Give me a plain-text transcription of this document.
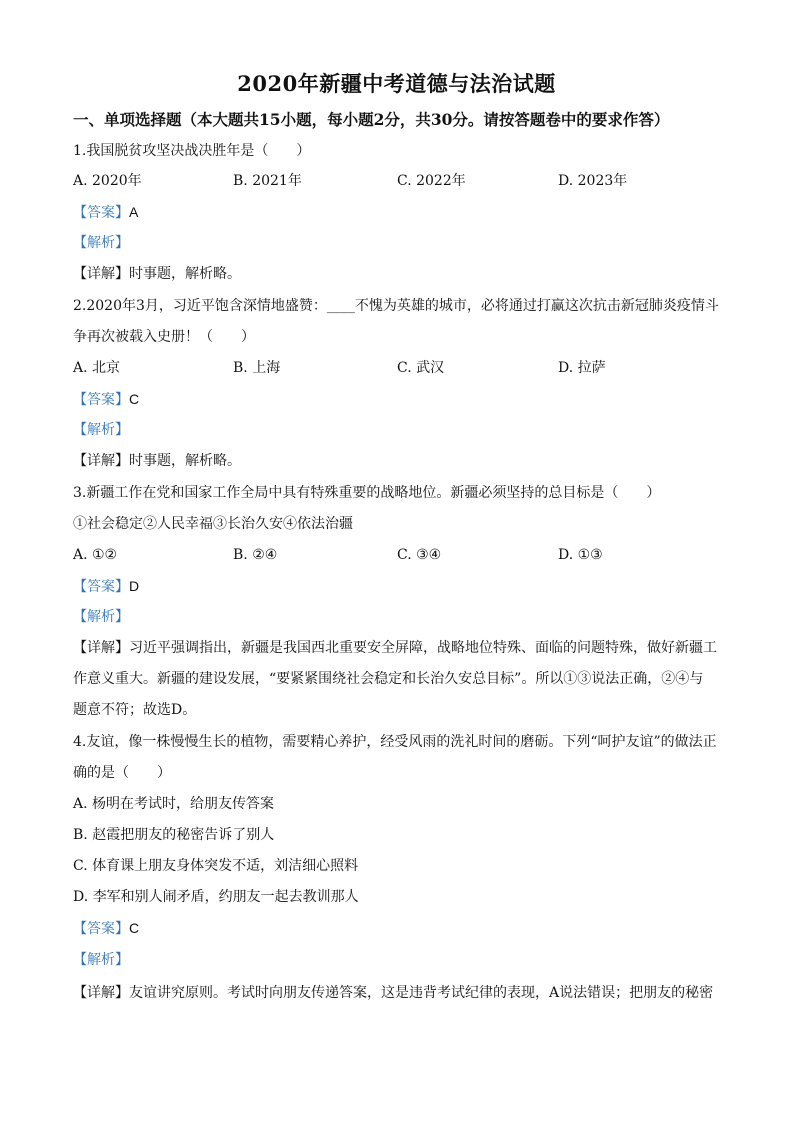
2020年新疆中考道德与法治试题
一、单项选择题（本大题共15小题，每小题2分，共30分。请按答题卷中的要求作答）
1.我国脱贫攻坚决战决胜年是（　　）
A. 2020年	B. 2021年	C. 2022年	D. 2023年
【答案】A
【解析】
【详解】时事题，解析略。
2.2020年3月，习近平饱含深情地盛赞：____不愧为英雄的城市，必将通过打赢这次抗击新冠肺炎疫情斗
争再次被载入史册！（　　）
A. 北京	B. 上海	C. 武汉	D. 拉萨
【答案】C
【解析】
【详解】时事题，解析略。
3.新疆工作在党和国家工作全局中具有特殊重要的战略地位。新疆必须坚持的总目标是（　　）
①社会稳定②人民幸福③长治久安④依法治疆
A. ①②	B. ②④	C. ③④	D. ①③
【答案】D
【解析】
【详解】习近平强调指出，新疆是我国西北重要安全屏障，战略地位特殊、面临的问题特殊，做好新疆工
作意义重大。新疆的建设发展，“要紧紧围绕社会稳定和长治久安总目标”。所以①③说法正确，②④与
题意不符；故选D。
4.友谊，像一株慢慢生长的植物，需要精心养护，经受风雨的洗礼时间的磨砺。下列“呵护友谊”的做法正
确的是（　　）
A. 杨明在考试时，给朋友传答案
B. 赵霞把朋友的秘密告诉了别人
C. 体育课上朋友身体突发不适，刘洁细心照料
D. 李军和别人闹矛盾，约朋友一起去教训那人
【答案】C
【解析】
【详解】友谊讲究原则。考试时向朋友传递答案，这是违背考试纪律的表现，A说法错误；把朋友的秘密
